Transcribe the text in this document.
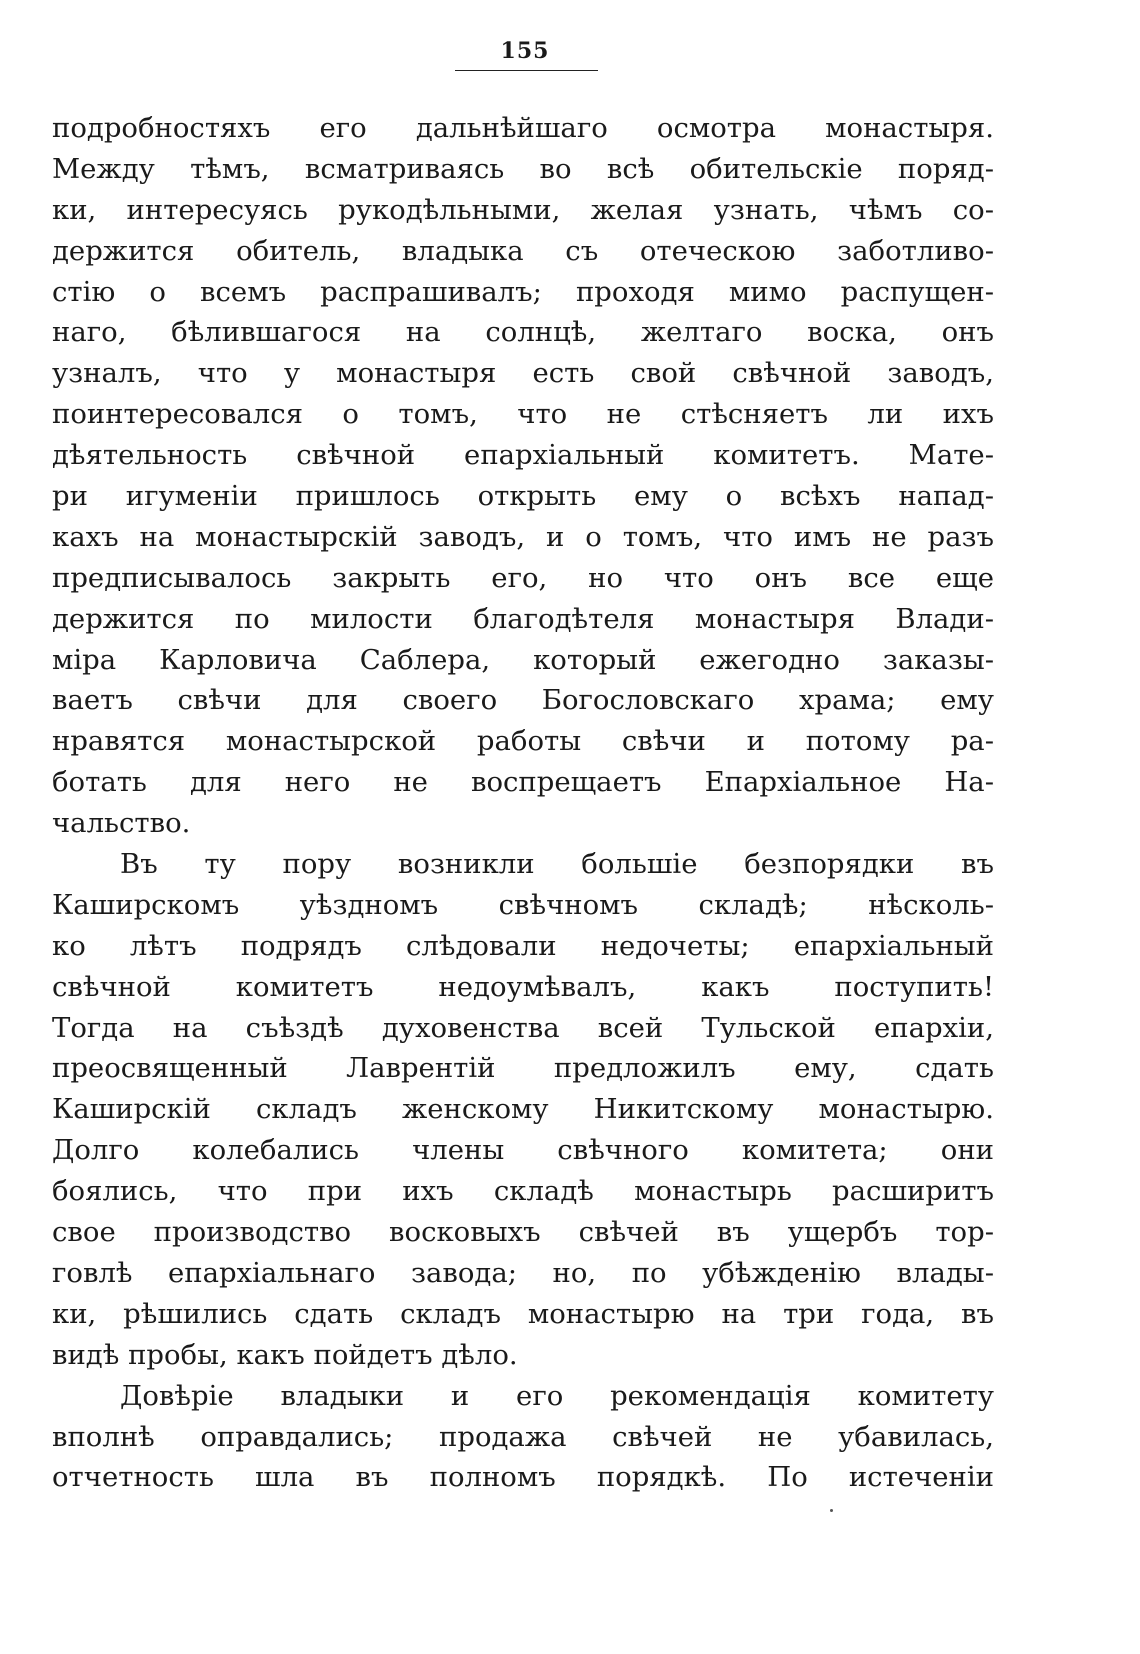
155
подробностяхъ его дальнѣйшаго осмотра монастыря.
Между тѣмъ, всматриваясь во всѣ обительскіе поряд-
ки, интересуясь рукодѣльными, желая узнать, чѣмъ со-
держится обитель, владыка съ отеческою заботливо-
стію о всемъ распрашивалъ; проходя мимо распущен-
наго, бѣлившагося на солнцѣ, желтаго воска, онъ
узналъ, что у монастыря есть свой свѣчной заводъ,
поинтересовался о томъ, что не стѣсняетъ ли ихъ
дѣятельность свѣчной епархіальный комитетъ. Мате-
ри игуменіи пришлось открыть ему о всѣхъ напад-
кахъ на монастырскій заводъ, и о томъ, что имъ не разъ
предписывалось закрыть его, но что онъ все еще
держится по милости благодѣтеля монастыря Влади-
міра Карловича Саблера, который ежегодно заказы-
ваетъ свѣчи для своего Богословскаго храма; ему
нравятся монастырской работы свѣчи и потому ра-
ботать для него не воспрещаетъ Епархіальное На-
чальство.
Въ ту пору возникли большіе безпорядки въ
Каширскомъ уѣздномъ свѣчномъ складѣ; нѣсколь-
ко лѣтъ подрядъ слѣдовали недочеты; епархіальный
свѣчной комитетъ недоумѣвалъ, какъ поступить!
Тогда на съѣздѣ духовенства всей Тульской епархіи,
преосвященный Лаврентій предложилъ ему, сдать
Каширскій складъ женскому Никитскому монастырю.
Долго колебались члены свѣчного комитета; они
боялись, что при ихъ складѣ монастырь расширитъ
свое производство восковыхъ свѣчей въ ущербъ тор-
говлѣ епархіальнаго завода; но, по убѣжденію влады-
ки, рѣшились сдать складъ монастырю на три года, въ
видѣ пробы, какъ пойдетъ дѣло.
Довѣріе владыки и его рекомендація комитету
вполнѣ оправдались; продажа свѣчей не убавилась,
отчетность шла въ полномъ порядкѣ. По истеченіи
